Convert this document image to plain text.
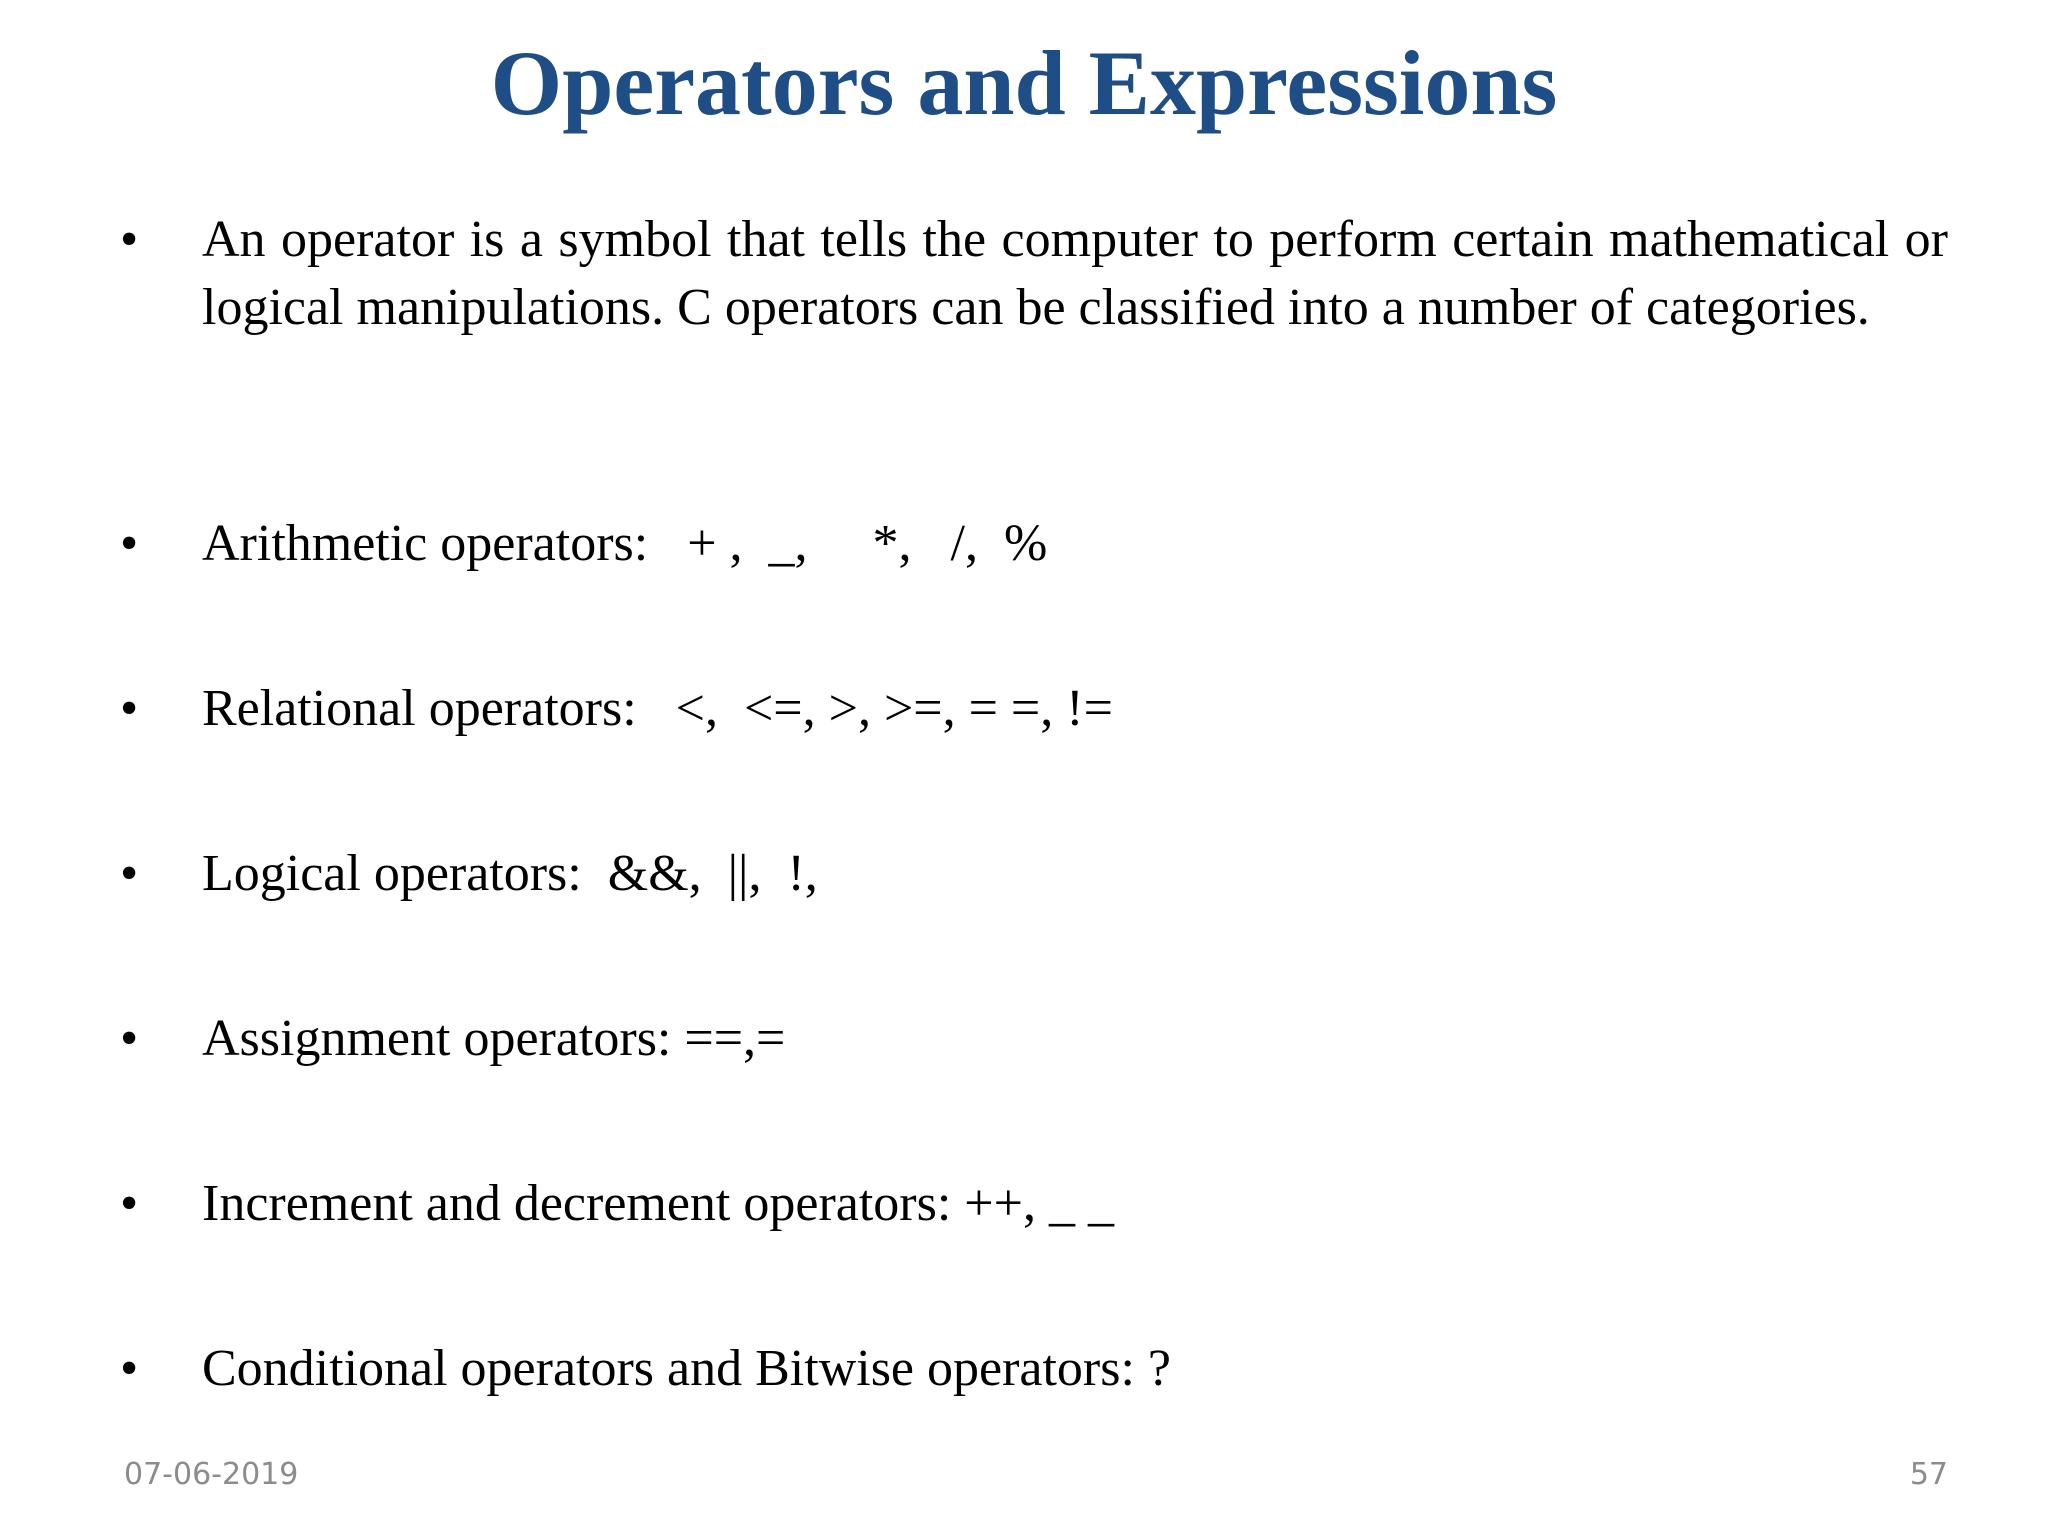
Operators and Expressions
• An operator is a symbol that tells the computer to perform certain mathematical or logical manipulations. C operators can be classified into a number of categories.
• Arithmetic operators:   + ,  _,     *,   /,  %
• Relational operators:   <,  <=, >, >=, = =, !=
• Logical operators:  &&,  ||,  !,
• Assignment operators: ==,=
• Increment and decrement operators: ++, _ _
• Conditional operators and Bitwise operators: ?
07-06-2019	57
